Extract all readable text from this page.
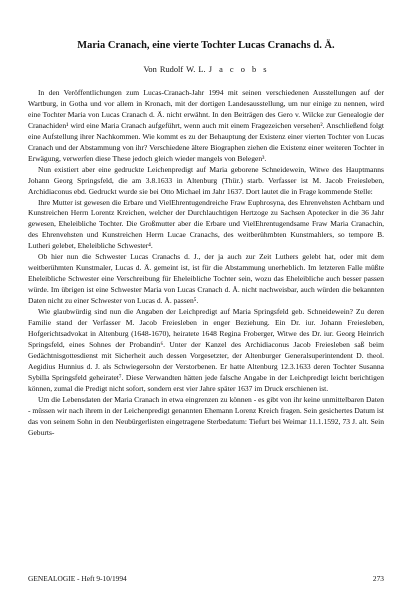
Maria Cranach, eine vierte Tochter Lucas Cranachs d. Ä.
Von Rudolf W. L. J a c o b s

In den Veröffentlichungen zum Lucas-Cranach-Jahr 1994 mit seinen verschiedenen Ausstellungen auf der Wartburg, in Gotha und vor allem in Kronach, mit der dortigen Landesausstellung, um nur einige zu nennen, wird eine Tochter Maria von Lucas Cranach d. Ä. nicht erwähnt. In den Beiträgen des Gero v. Wilcke zur Genealogie der Cranachiden¹ wird eine Maria Cranach aufgeführt, wenn auch mit einem Fragezeichen versehen². Anschließend folgt eine Aufstellung ihrer Nachkommen. Wie kommt es zu der Behauptung der Existenz einer vierten Tochter von Lucas Cranach und der Abstammung von ihr? Verschiedene ältere Biographen ziehen die Existenz einer weiteren Tochter in Erwägung, verwerfen diese These jedoch gleich wieder mangels von Belegen³.

Nun existiert aber eine gedruckte Leichenpredigt auf Maria geborene Schneidewein, Witwe des Hauptmanns Johann Georg Springsfeld, die am 3.8.1633 in Altenburg (Thür.) starb. Verfasser ist M. Jacob Freiesleben, Archidiaconus ebd. Gedruckt wurde sie bei Otto Michael im Jahr 1637. Dort lautet die in Frage kommende Stelle:

Ihre Mutter ist gewesen die Erbare und VielEhrentugendreiche Fraw Euphrosyna, des Ehrenvehsten Achtbarn und Kunstreichen Herrn Lorentz Kreichen, welcher der Durchlauchtigen Hertzoge zu Sachsen Apotecker in die 36 Jahr gewesen, Eheleibliche Tochter. Die Großmutter aber die Erbare und VielEhrentugendsame Fraw Maria Cranachin, des Ehrenvehsten und Kunstreichen Herrn Lucae Cranachs, des weitberühmbten Kunstmahlers, so tempore B. Lutheri gelebet, Eheleibliche Schwester⁴.

Ob hier nun die Schwester Lucas Cranachs d. J., der ja auch zur Zeit Luthers gelebt hat, oder mit dem weitberühmten Kunstmaler, Lucas d. Ä. gemeint ist, ist für die Abstammung unerheblich. Im letzteren Falle müßte Eheleibliche Schwester eine Verschreibung für Eheleibliche Tochter sein, wozu das Eheleibliche auch besser passen würde. Im übrigen ist eine Schwester Maria von Lucas Cranach d. Ä. nicht nachweisbar, auch würden die bekannten Daten nicht zu einer Schwester von Lucas d. Ä. passen⁵.

Wie glaubwürdig sind nun die Angaben der Leichpredigt auf Maria Springsfeld geb. Schneidewein? Zu deren Familie stand der Verfasser M. Jacob Freiesleben in enger Beziehung. Ein Dr. iur. Johann Freiesleben, Hofgerichtsadvokat in Altenburg (1648-1670), heiratete 1648 Regina Froberger, Witwe des Dr. iur. Georg Heinrich Springsfeld, eines Sohnes der Probandin⁶. Unter der Kanzel des Archidiaconus Jacob Freiesleben saß beim Gedächtnisgottesdienst mit Sicherheit auch dessen Vorgesetzter, der Altenburger Generalsuperintendent D. theol. Aegidius Hunnius d. J. als Schwiegersohn der Verstorbenen. Er hatte Altenburg 12.3.1633 deren Tochter Susanna Sybilla Springsfeld geheiratet⁷. Diese Verwandten hätten jede falsche Angabe in der Leichpredigt leicht berichtigen können, zumal die Predigt nicht sofort, sondern erst vier Jahre später 1637 im Druck erschienen ist.

Um die Lebensdaten der Maria Cranach in etwa eingrenzen zu können - es gibt von ihr keine unmittelbaren Daten - müssen wir nach ihrem in der Leichenpredigt genannten Ehemann Lorenz Kreich fragen. Sein gesichertes Datum ist das von seinem Sohn in den Neubürgerlisten eingetragene Sterbedatum: Tiefurt bei Weimar 11.1.1592, 73 J. alt. Sein Geburts-

GENEALOGIE - Heft 9-10/1994	273
